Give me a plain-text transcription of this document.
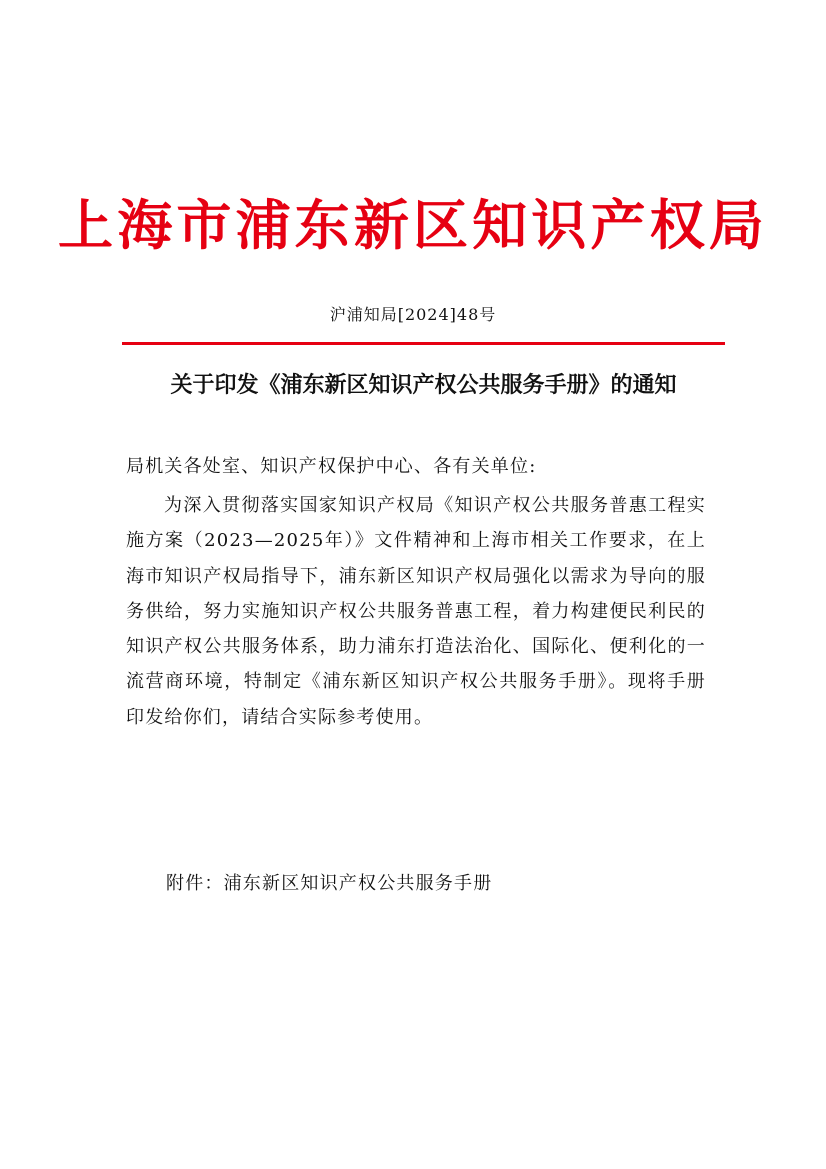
上海市浦东新区知识产权局
沪浦知局[2024]48号
关于印发《浦东新区知识产权公共服务手册》的通知
局机关各处室、知识产权保护中心、各有关单位:
为深入贯彻落实国家知识产权局《知识产权公共服务普惠工程实施方案（2023—2025年）》文件精神和上海市相关工作要求，在上海市知识产权局指导下，浦东新区知识产权局强化以需求为导向的服务供给，努力实施知识产权公共服务普惠工程，着力构建便民利民的知识产权公共服务体系，助力浦东打造法治化、国际化、便利化的一流营商环境，特制定《浦东新区知识产权公共服务手册》。现将手册印发给你们，请结合实际参考使用。
附件：浦东新区知识产权公共服务手册
